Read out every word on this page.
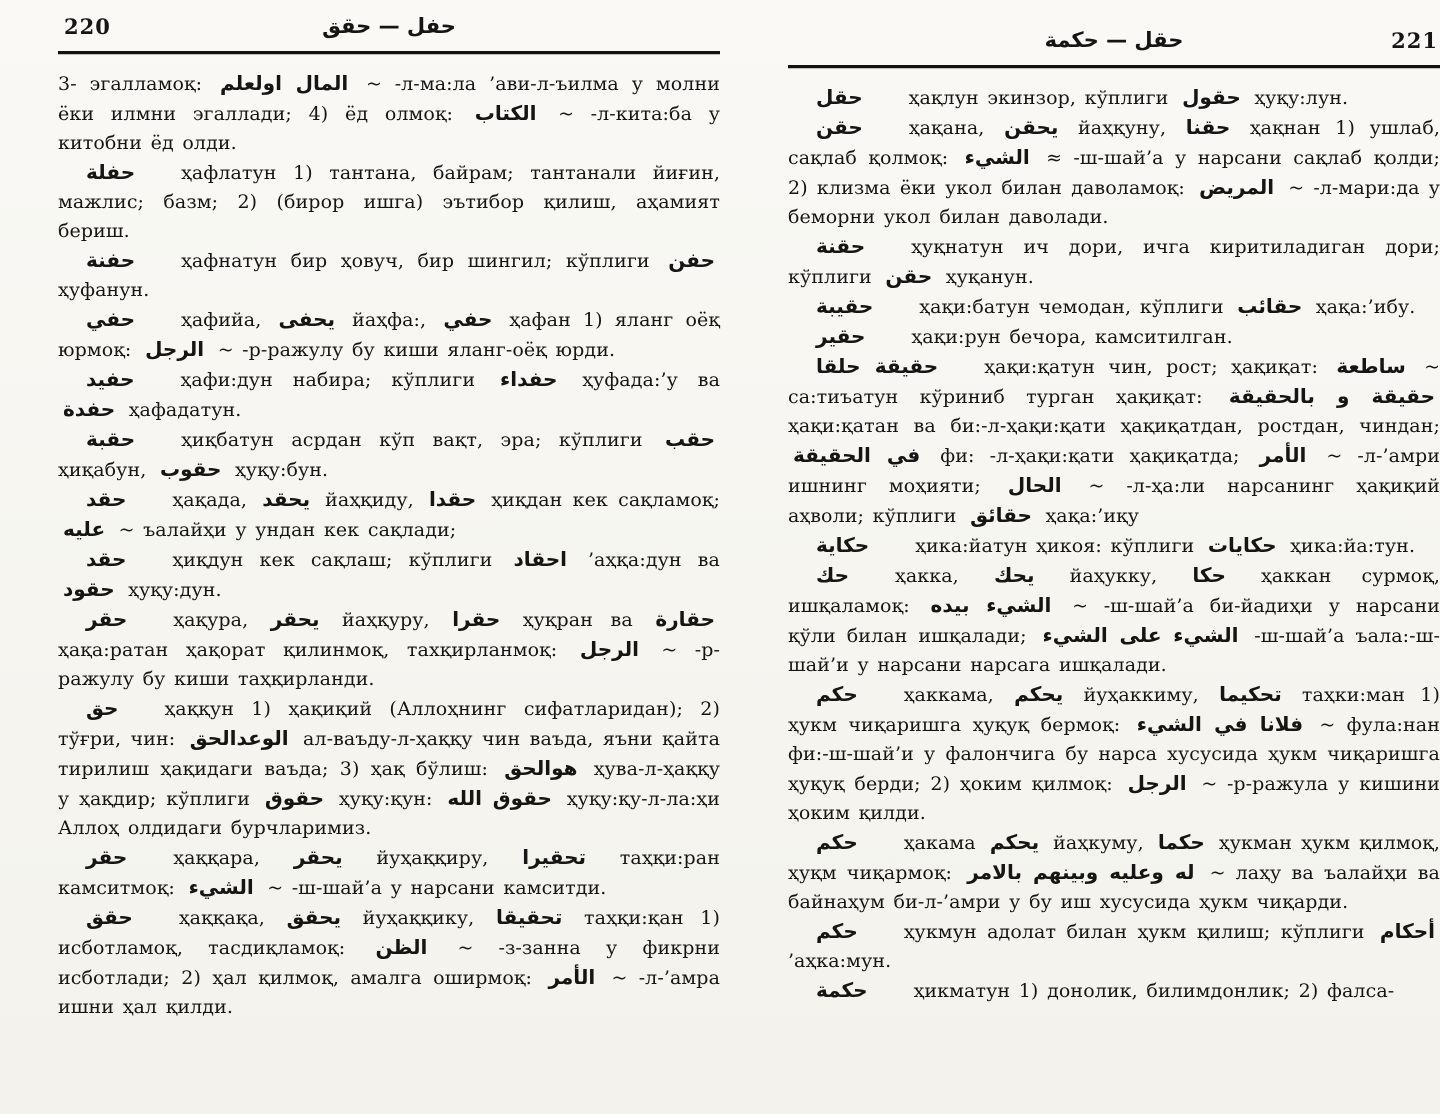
220	حفل — حقق

3- эгалламоқ: المال اولعلم ~ -л-ма:ла ’ави-л-ъилма у молни ёки илмни эгаллади; 4) ёд олмоқ: الكتاب ~ -л-кита:ба у китобни ёд олди.

حفلة ҳафлатун 1) тантана, байрам; тантанали йиғин, мажлис; базм; 2) (бирор ишга) эътибор қилиш, аҳамият бериш.

حفنة ҳафнатун бир ҳовуч, бир шингил; кўплиги حفن ҳуфанун.

حفي ҳафийа, يحفى йаҳфа:, حفي ҳафан 1) яланг оёқ юрмоқ: الرجل ~ -р-ражулу бу киши яланг-оёқ юрди.

حفيد ҳафи:дун набира; кўплиги حفداء ҳуфада:’у ва حفدة ҳафадатун.

حقبة ҳиқбатун асрдан кўп вақт, эра; кўплиги حقب ҳиқабун, حقوب ҳуқу:бун.

حقد ҳақада, يحقد йаҳқиду, حقدا ҳиқдан кек сақламоқ; عليه ~ ъалайҳи у ундан кек сақлади;

حقد ҳиқдун кек сақлаш; кўплиги احقاد ’аҳқа:дун ва حقود ҳуқу:дун.

حقر ҳақура, يحقر йаҳқуру, حقرا ҳуқран ва حقارة ҳақа:ратан ҳақорат қилинмоқ, тахқирланмоқ: الرجل ~ -р-ражулу бу киши таҳқирланди.

حق ҳаққун 1) ҳақиқий (Аллоҳнинг сифатларидан); 2) тўғри, чин: الوعدالحق ал-ваъду-л-ҳаққу чин ваъда, яъни қайта тирилиш ҳақидаги ваъда; 3) ҳақ бўлиш: هوالحق ҳува-л-ҳаққу у ҳақдир; кўплиги حقوق ҳуқу:қун: حقوق الله ҳуқу:қу-л-ла:ҳи Аллоҳ олдидаги бурчларимиз.

حقر ҳаққара, يحقر йуҳаққиру, تحقيرا таҳқи:ран камситмоқ: الشيء ~ -ш-шай’а у нарсани камситди.

حقق ҳаққақа, يحقق йуҳаққику, تحقيقا таҳқи:қан 1) исботламоқ, тасдиқламоқ: الظن ~ -з-занна у фикрни исботлади; 2) ҳал қилмоқ, амалга оширмоқ: الأمر ~ -л-’амра ишни ҳал қилди.

حقل — حكمة	221

حقل ҳақлун экинзор, кўплиги حقول ҳуқу:лун.

حقن ҳақана, يحقن йаҳқуну, حقنا ҳақнан 1) ушлаб, сақлаб қолмоқ: الشيء ≈ -ш-шай’а у нарсани сақлаб қолди; 2) клизма ёки укол билан даволамоқ: المريض ~ -л-мари:да у беморни укол билан даволади.

حقنة ҳуқнатун ич дори, ичга киритиладиган дори; кўплиги حقن ҳуқанун.

حقيبة ҳақи:батун чемодан, кўплиги حقائب ҳақа:’ибу.

حقير ҳақи:рун бечора, камситилган.

حقيقة حلقا ҳақи:қатун чин, рост; ҳақиқат: ساطعة ~ са:тиъатун кўриниб турган ҳақиқат: حقيقة و بالحقيقة ҳақи:қатан ва би:-л-ҳақи:қати ҳақиқатдан, ростдан, чиндан; في الحقيقة фи: -л-ҳақи:қати ҳақиқатда; الأمر ~ -л-’амри ишнинг моҳияти; الحال ~ -л-ҳа:ли нарсанинг ҳақиқий аҳволи; кўплиги حقائق ҳақа:’иқу

حكاية ҳика:йатун ҳикоя: кўплиги حكايات ҳика:йа:тун.

حك ҳакка, يحك йаҳукку, حكا ҳаккан сурмоқ, ишқаламоқ: الشيء بيده ~ -ш-шай’а би-йадиҳи у нарсани қўли билан ишқалади; الشيء على الشيء -ш-шай’а ъала:-ш-шай’и у нарсани нарсага ишқалади.

حكم ҳаккама, يحكم йуҳаккиму, تحكيما таҳки:ман 1) ҳукм чиқаришга ҳуқуқ бермоқ: فلانا في الشيء ~ фула:нан фи:-ш-шай’и у фалончига бу нарса хусусида ҳукм чиқаришга ҳуқуқ берди; 2) ҳоким қилмоқ: الرجل ~ -р-ражула у кишини ҳоким қилди.

حكم ҳакама يحكم йаҳкуму, حكما ҳукман ҳукм қилмоқ, ҳуқм чиқармоқ: له وعليه وبينهم بالامر ~ лаҳу ва ъалайҳи ва байнаҳум би-л-’амри у бу иш хусусида ҳукм чиқарди.

حكم ҳукмун адолат билан ҳукм қилиш; кўплиги أحكام ’аҳка:мун.

حكمة ҳикматун 1) донолик, билимдонлик; 2) фалса-
